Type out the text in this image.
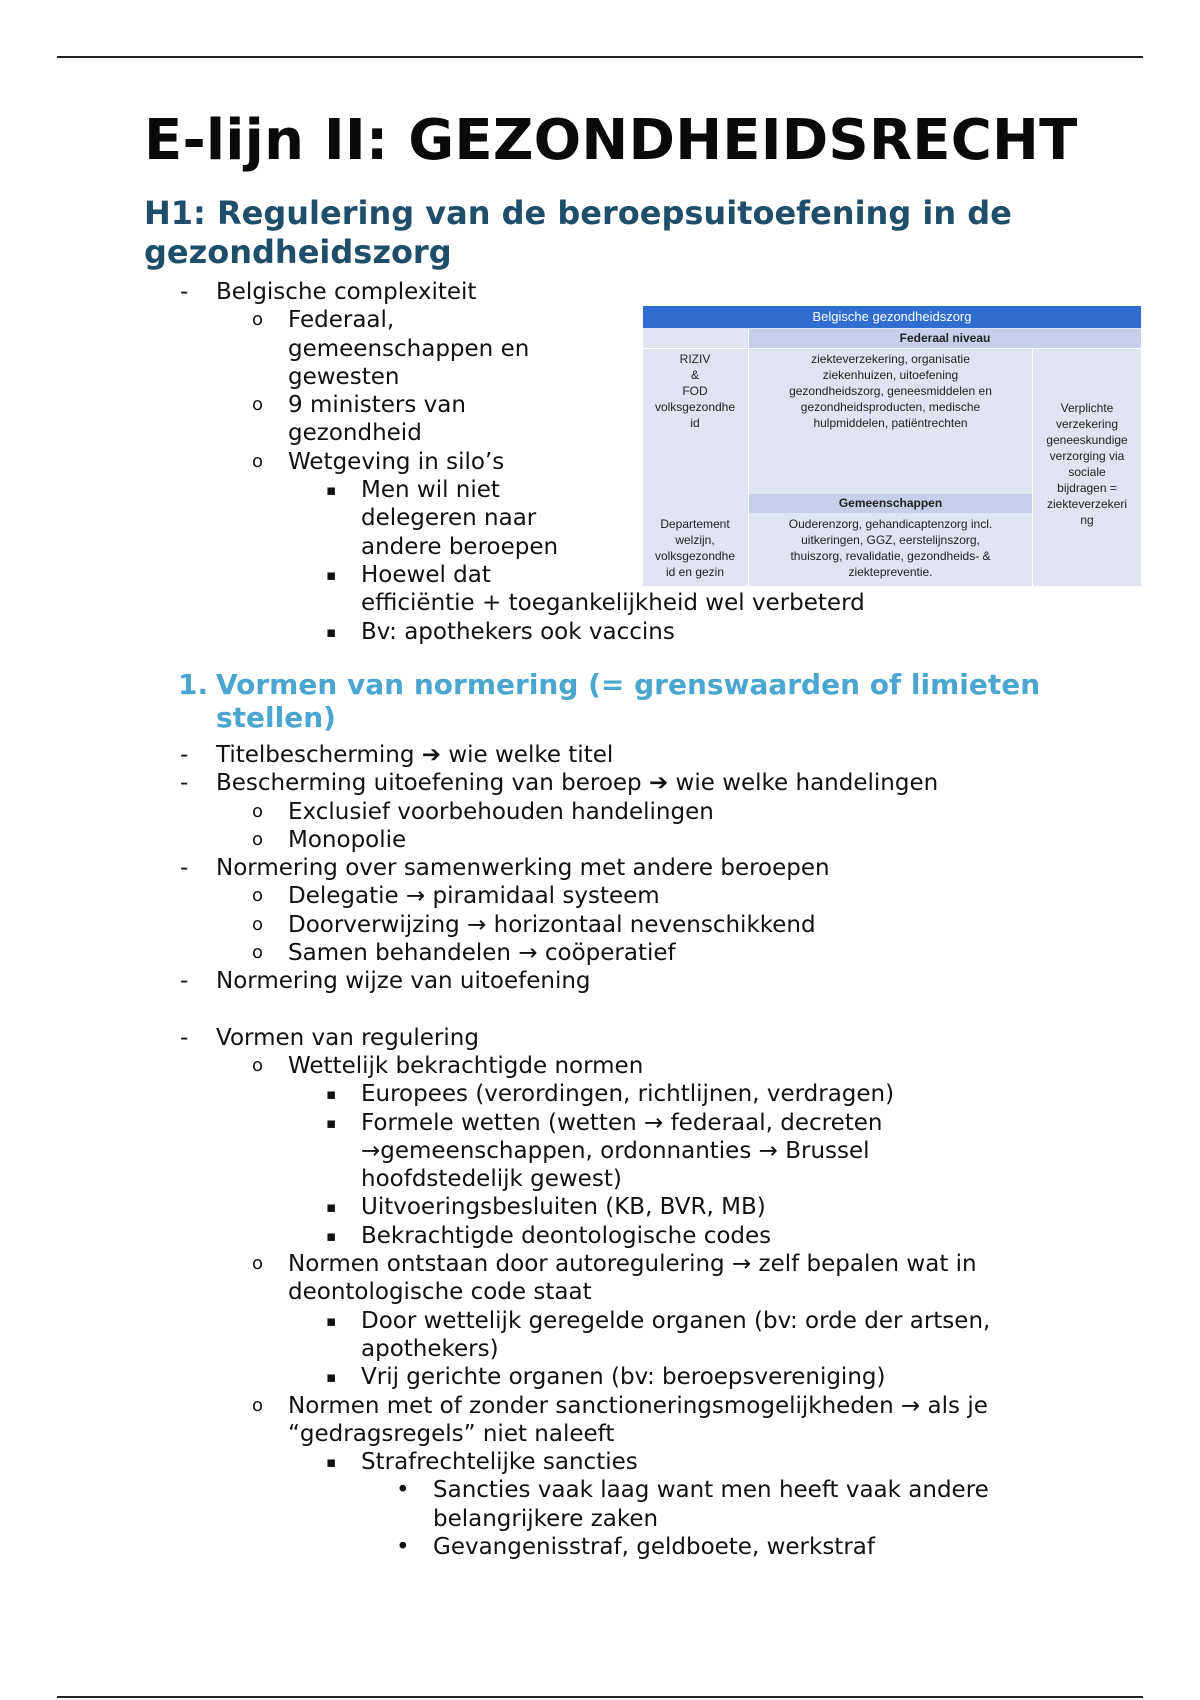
E-lijn II: GEZONDHEIDSRECHT
H1: Regulering van de beroepsuitoefening in de gezondheidszorg
- Belgische complexiteit
o Federaal,
gemeenschappen en
gewesten
o 9 ministers van
gezondheid
o Wetgeving in silo’s
▪ Men wil niet
delegeren naar
andere beroepen
▪ Hoewel dat
efficiëntie + toegankelijkheid wel verbeterd
▪ Bv: apothekers ook vaccins
Belgische gezondheidszorg
Federaal niveau
RIZIV
&
FOD
volksgezondhe
id
ziekteverzekering, organisatie
ziekenhuizen, uitoefening
gezondheidszorg, geneesmiddelen en
gezondheidsproducten, medische
hulpmiddelen, patiëntrechten
Verplichte
verzekering
geneeskundige
verzorging via
sociale
bijdragen =
ziekteverzekeri
ng
Gemeenschappen
Departement
welzijn,
volksgezondhe
id en gezin
Ouderenzorg, gehandicaptenzorg incl.
uitkeringen, GGZ, eerstelijnszorg,
thuiszorg, revalidatie, gezondheids- &
ziektepreventie.
1. Vormen van normering (= grenswaarden of limieten stellen)
- Titelbescherming ➔ wie welke titel
- Bescherming uitoefening van beroep ➔ wie welke handelingen
o Exclusief voorbehouden handelingen
o Monopolie
- Normering over samenwerking met andere beroepen
o Delegatie → piramidaal systeem
o Doorverwijzing → horizontaal nevenschikkend
o Samen behandelen → coöperatief
- Normering wijze van uitoefening
- Vormen van regulering
o Wettelijk bekrachtigde normen
▪ Europees (verordingen, richtlijnen, verdragen)
▪ Formele wetten (wetten → federaal, decreten
→gemeenschappen, ordonnanties → Brussel
hoofdstedelijk gewest)
▪ Uitvoeringsbesluiten (KB, BVR, MB)
▪ Bekrachtigde deontologische codes
o Normen ontstaan door autoregulering → zelf bepalen wat in
deontologische code staat
▪ Door wettelijk geregelde organen (bv: orde der artsen,
apothekers)
▪ Vrij gerichte organen (bv: beroepsvereniging)
o Normen met of zonder sanctioneringsmogelijkheden → als je
“gedragsregels” niet naleeft
▪ Strafrechtelijke sancties
• Sancties vaak laag want men heeft vaak andere
belangrijkere zaken
• Gevangenisstraf, geldboete, werkstraf
